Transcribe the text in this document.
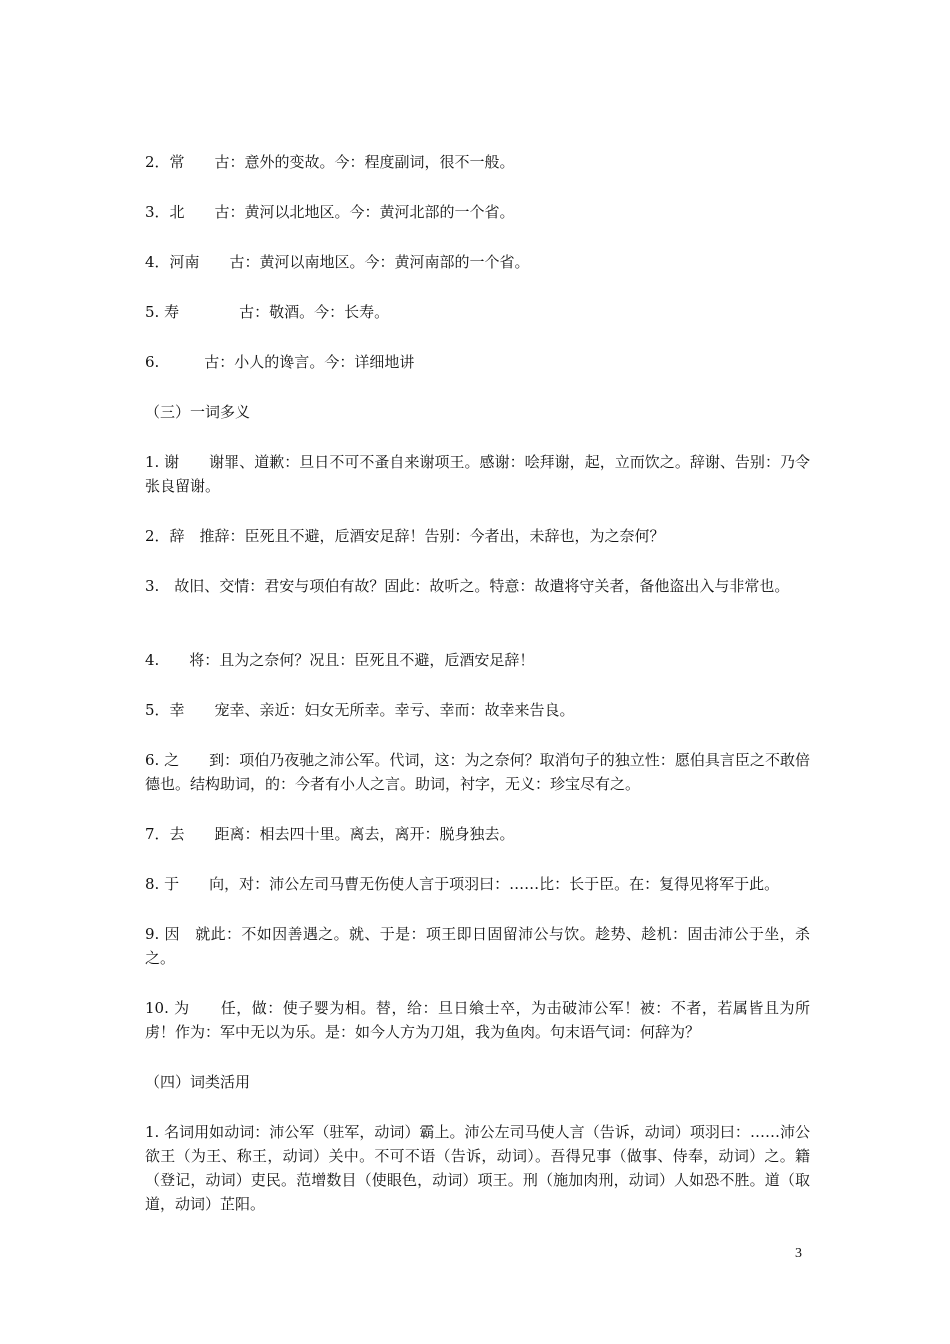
2．常　　古：意外的变故。今：程度副词，很不一般。

3．北　　古：黄河以北地区。今：黄河北部的一个省。

4．河南　　古：黄河以南地区。今：黄河南部的一个省。

5. 寿　　　　古：敬酒。今：长寿。

6.　　　古：小人的谗言。今：详细地讲

（三）一词多义

1. 谢　　谢罪、道歉：旦日不可不蚤自来谢项王。感谢：哙拜谢，起，立而饮之。辞谢、告别：乃令张良留谢。

2．辞　推辞：臣死且不避，卮酒安足辞！告别：今者出，未辞也，为之奈何？

3.　故旧、交情：君安与项伯有故？固此：故听之。特意：故遣将守关者，备他盗出入与非常也。

4.　　将：且为之奈何？况且：臣死且不避，卮酒安足辞！

5．幸　　宠幸、亲近：妇女无所幸。幸亏、幸而：故幸来告良。

6. 之　　到：项伯乃夜驰之沛公军。代词，这：为之奈何？取消句子的独立性：愿伯具言臣之不敢倍德也。结构助词，的：今者有小人之言。助词，衬字，无义：珍宝尽有之。

7．去　　距离：相去四十里。离去，离开：脱身独去。

8. 于　　向，对：沛公左司马曹无伤使人言于项羽曰：……比：长于臣。在：复得见将军于此。

9. 因　就此：不如因善遇之。就、于是：项王即日固留沛公与饮。趁势、趁机：固击沛公于坐，杀之。

10. 为　　任，做：使子婴为相。替，给：旦日飨士卒，为击破沛公军！被：不者，若属皆且为所虏！作为：军中无以为乐。是：如今人方为刀俎，我为鱼肉。句末语气词：何辞为？

（四）词类活用

1. 名词用如动词：沛公军（驻军，动词）霸上。沛公左司马使人言（告诉，动词）项羽曰：……沛公欲王（为王、称王，动词）关中。不可不语（告诉，动词）。吾得兄事（做事、侍奉，动词）之。籍（登记，动词）吏民。范增数目（使眼色，动词）项王。刑（施加肉刑，动词）人如恐不胜。道（取道，动词）芷阳。

3
